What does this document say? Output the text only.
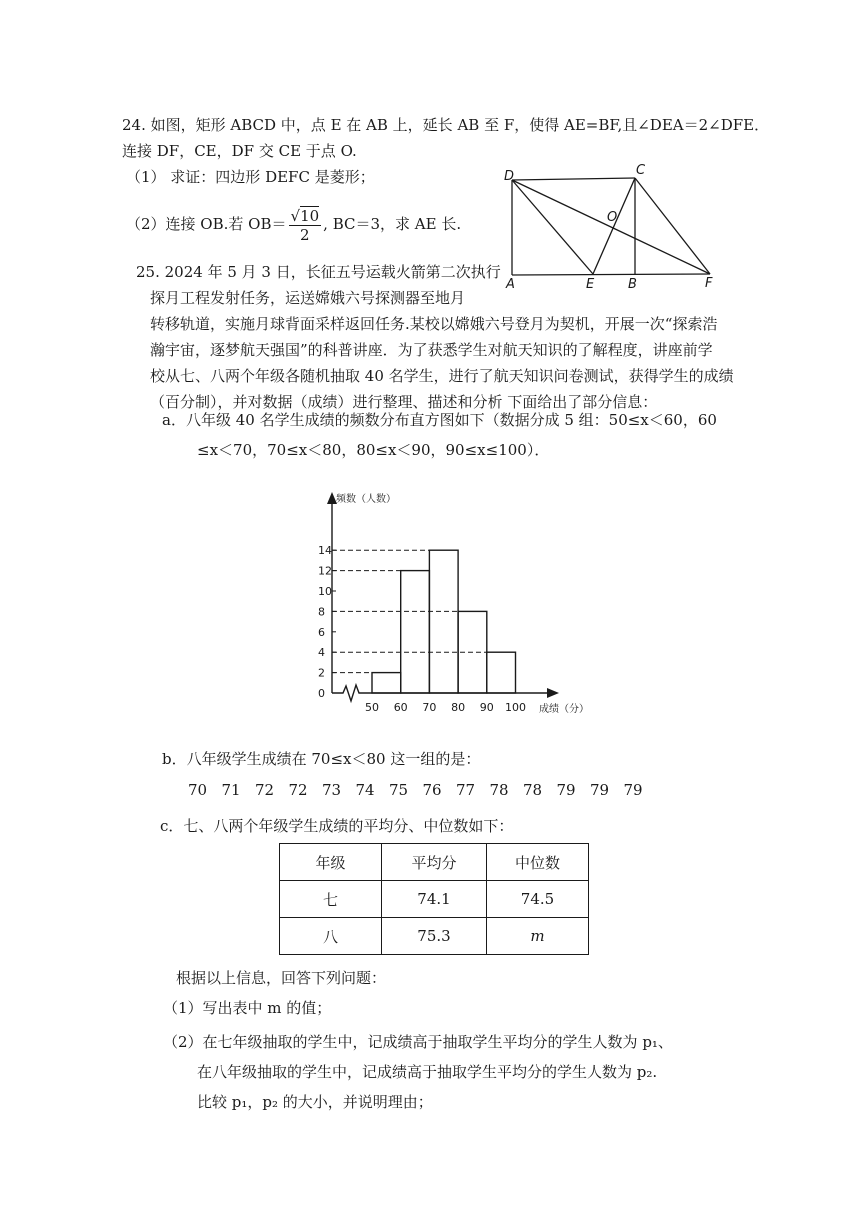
24. 如图，矩形 ABCD 中，点 E 在 AB 上，延长 AB 至 F，使得 AE=BF,且∠DEA＝2∠DFE．
连接 DF，CE，DF 交 CE 于点 O.
（1） 求证：四边形 DEFC 是菱形；
（2）连接 OB.若 $OB= \frac{√10}{2}$ , BC＝3，求 AE 长.
D	C
O
A	E	B	F
25. 2024 年 5 月 3 日，长征五号运载火箭第二次执行
探月工程发射任务，运送嫦娥六号探测器至地月
转移轨道，实施月球背面采样返回任务.某校以嫦娥六号登月为契机，开展一次“探索浩
瀚宇宙，逐梦航天强国”的科普讲座．为了获悉学生对航天知识的了解程度，讲座前学
校从七、八两个年级各随机抽取 40 名学生，进行了航天知识问卷测试，获得学生的成绩
（百分制），并对数据（成绩）进行整理、描述和分析 下面给出了部分信息：
a．八年级 40 名学生成绩的频数分布直方图如下（数据分成 5 组：50≤x＜60，60
≤x＜70，70≤x＜80，80≤x＜90，90≤x≤100）．
频数（人数）
成绩（分）
0
2
4
6
8
10
12
14
50 60 70 80 90 100
b．八年级学生成绩在 70≤x＜80 这一组的是：
70 71 72 72 73 74 75 76 77 78 78 79 79 79
c．七、八两个年级学生成绩的平均分、中位数如下：
年级	平均分	中位数
七	74.1	74.5
八	75.3	m
根据以上信息，回答下列问题：
（1）写出表中 m 的值；
（2）在七年级抽取的学生中，记成绩高于抽取学生平均分的学生人数为 p₁、
在八年级抽取的学生中，记成绩高于抽取学生平均分的学生人数为 p₂.
比较 p₁，p₂ 的大小，并说明理由；
